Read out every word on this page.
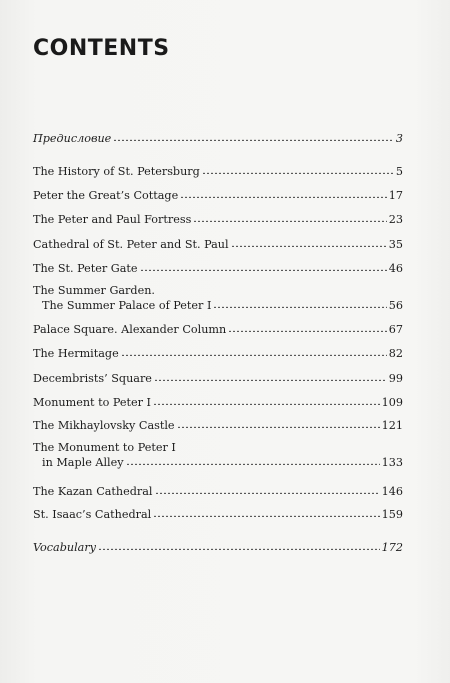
CONTENTS
Предисловие	3
The History of St. Petersburg	5
Peter the Great’s Cottage	17
The Peter and Paul Fortress	23
Cathedral of St. Peter and St. Paul	35
The St. Peter Gate	46
The Summer Garden.
The Summer Palace of Peter I	56
Palace Square. Alexander Column	67
The Hermitage	82
Decembrists’ Square	99
Monument to Peter I	109
The Mikhaylovsky Castle	121
The Monument to Peter I
in Maple Alley	133
The Kazan Cathedral	146
St. Isaac’s Cathedral	159
Vocabulary	172
